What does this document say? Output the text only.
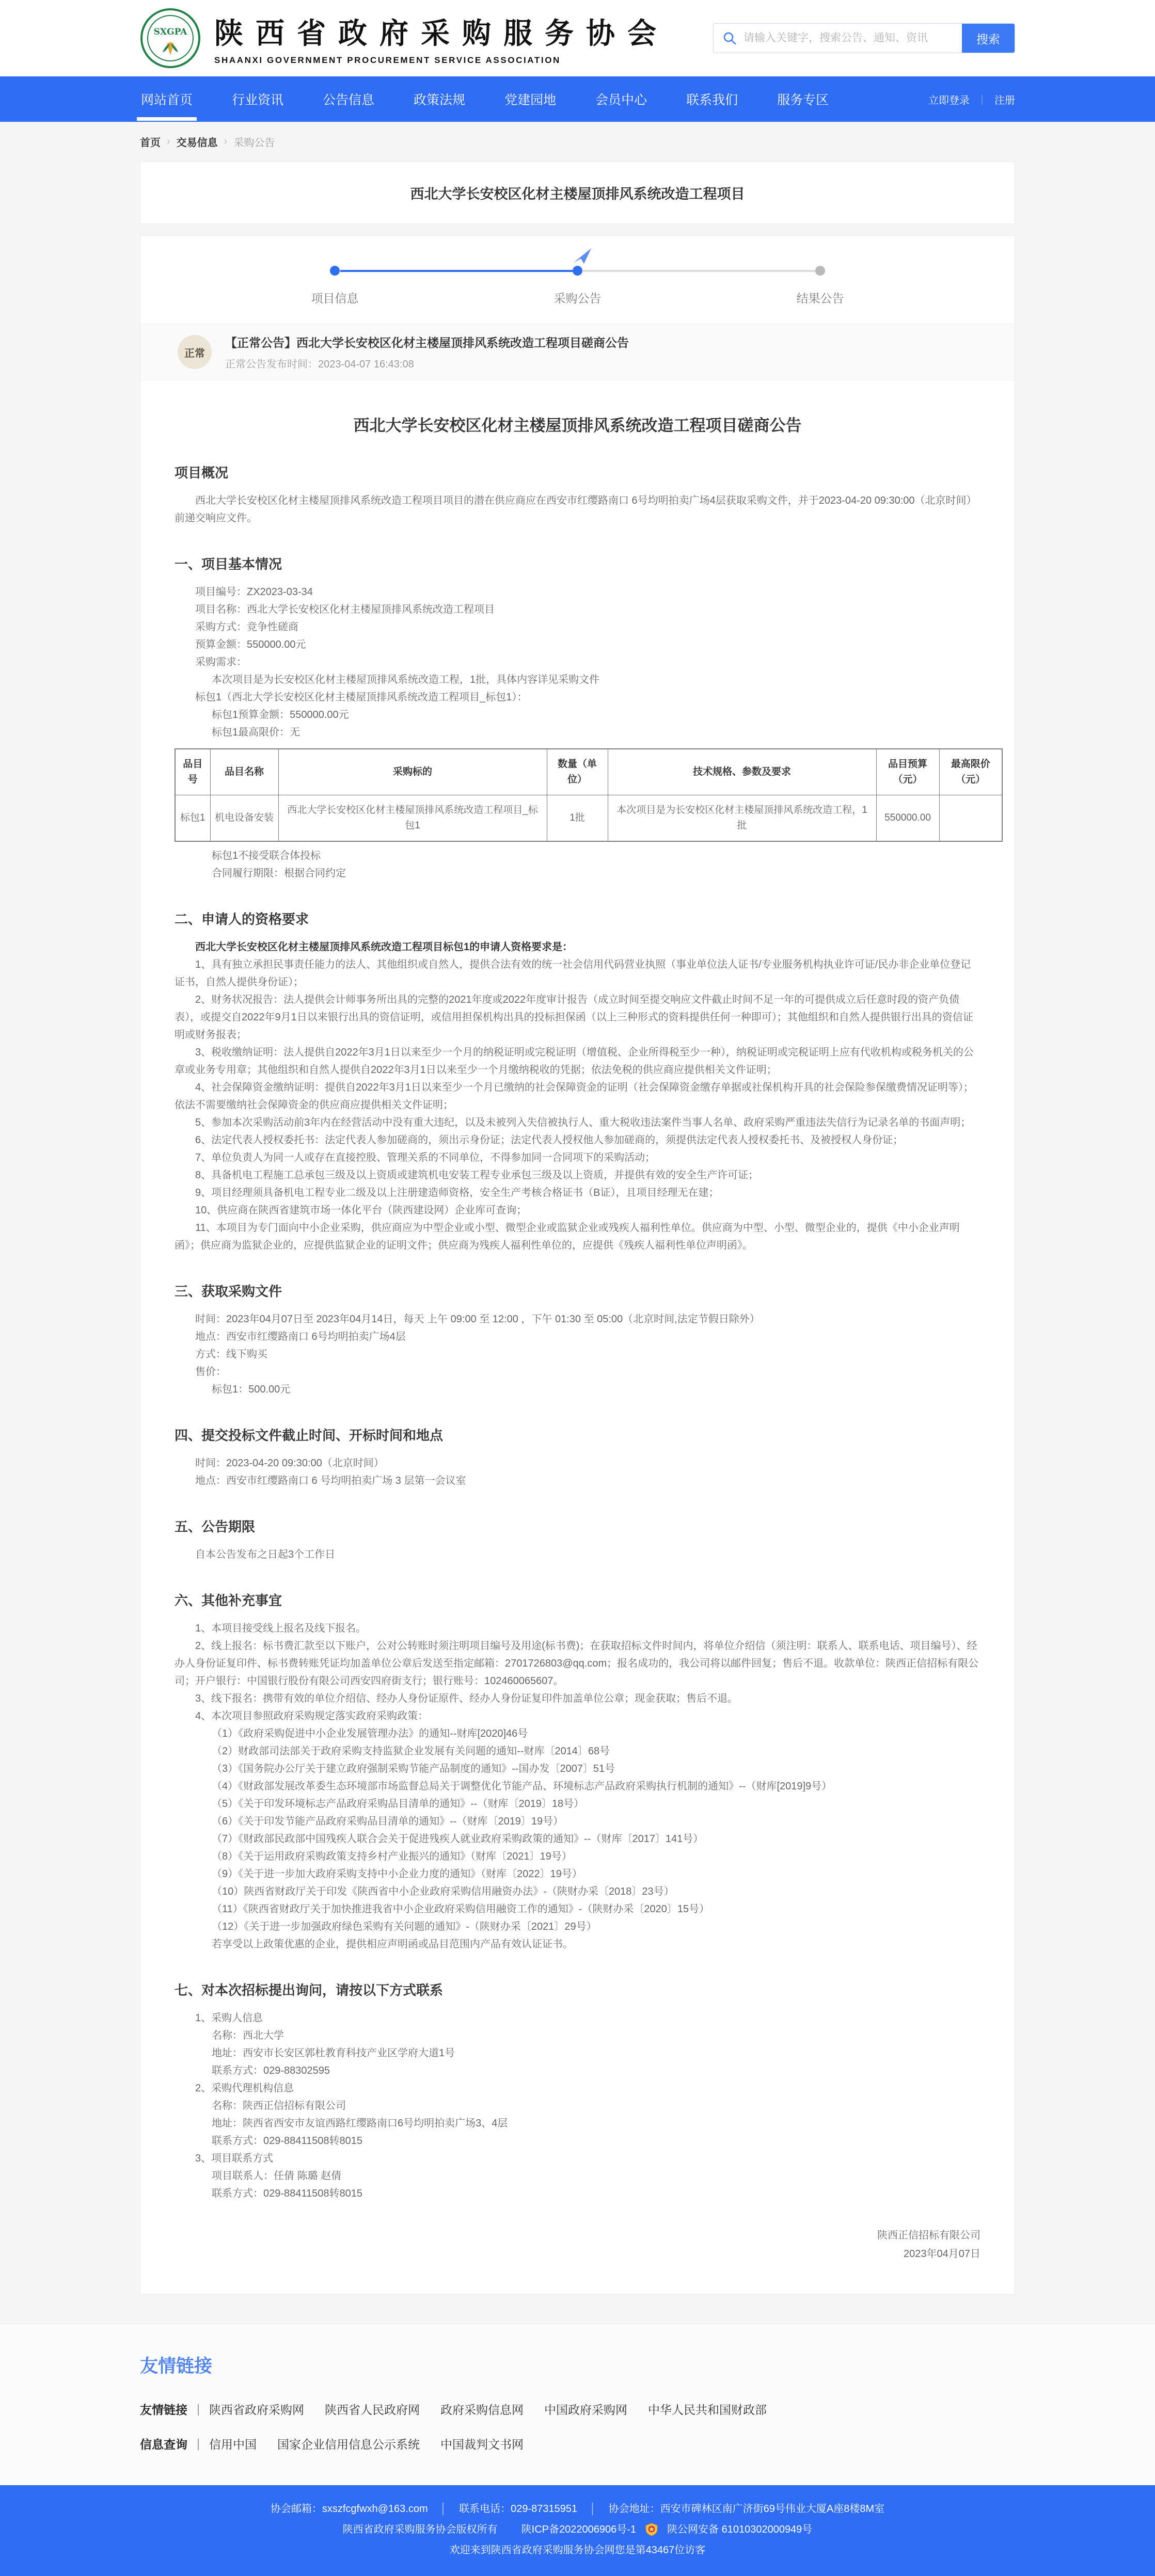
SXGPA 陕西省政府采购服务协会
SHAANXI GOVERNMENT PROCUREMENT SERVICE ASSOCIATION
请输入关键字，搜索公告、通知、资讯
搜索
网站首页	行业资讯	公告信息	政策法规	党建园地	会员中心	联系我们	服务专区	立即登录 ｜ 注册
首页 › 交易信息 › 采购公告
西北大学长安校区化材主楼屋顶排风系统改造工程项目
项目信息	采购公告	结果公告
正常
【正常公告】西北大学长安校区化材主楼屋顶排风系统改造工程项目磋商公告
正常公告发布时间：2023-04-07 16:43:08
西北大学长安校区化材主楼屋顶排风系统改造工程项目磋商公告
项目概况

西北大学长安校区化材主楼屋顶排风系统改造工程项目项目的潜在供应商应在西安市红缨路南口 6号均明拍卖广场4层获取采购文件，并于2023-04-20 09:30:00（北京时间） 前递交响应文件。

一、项目基本情况

项目编号：ZX2023-03-34

项目名称：西北大学长安校区化材主楼屋顶排风系统改造工程项目

采购方式：竞争性磋商

预算金额：550000.00元

采购需求：

本次项目是为长安校区化材主楼屋顶排风系统改造工程，1批，具体内容详见采购文件

标包1（西北大学长安校区化材主楼屋顶排风系统改造工程项目_标包1）：

标包1预算金额：550000.00元

标包1最高限价：无

品目号	品目名称	采购标的	数量（单位）	技术规格、参数及要求	品目预算（元）	最高限价（元）
标包1	机电设备安装	西北大学长安校区化材主楼屋顶排风系统改造工程项目_标包1	1批	本次项目是为长安校区化材主楼屋顶排风系统改造工程，1批	550000.00	

标包1不接受联合体投标

合同履行期限：根据合同约定

二、申请人的资格要求

西北大学长安校区化材主楼屋顶排风系统改造工程项目标包1的申请人资格要求是：

1、具有独立承担民事责任能力的法人、其他组织或自然人，提供合法有效的统一社会信用代码营业执照（事业单位法人证书/专业服务机构执业许可证/民办非企业单位登记证书，自然人提供身份证）；

2、财务状况报告：法人提供会计师事务所出具的完整的2021年度或2022年度审计报告（成立时间至提交响应文件截止时间不足一年的可提供成立后任意时段的资产负债表），或提交自2022年9月1日以来银行出具的资信证明，或信用担保机构出具的投标担保函（以上三种形式的资料提供任何一种即可）；其他组织和自然人提供银行出具的资信证明或财务报表；

3、税收缴纳证明：法人提供自2022年3月1日以来至少一个月的纳税证明或完税证明（增值税、企业所得税至少一种），纳税证明或完税证明上应有代收机构或税务机关的公章或业务专用章；其他组织和自然人提供自2022年3月1日以来至少一个月缴纳税收的凭据；依法免税的供应商应提供相关文件证明；

4、社会保障资金缴纳证明：提供自2022年3月1日以来至少一个月已缴纳的社会保障资金的证明（社会保障资金缴存单据或社保机构开具的社会保险参保缴费情况证明等）；依法不需要缴纳社会保障资金的供应商应提供相关文件证明；

5、参加本次采购活动前3年内在经营活动中没有重大违纪，以及未被列入失信被执行人、重大税收违法案件当事人名单、政府采购严重违法失信行为记录名单的书面声明；

6、法定代表人授权委托书：法定代表人参加磋商的，须出示身份证；法定代表人授权他人参加磋商的，须提供法定代表人授权委托书、及被授权人身份证；

7、单位负责人为同一人或存在直接控股、管理关系的不同单位，不得参加同一合同项下的采购活动；

8、具备机电工程施工总承包三级及以上资质或建筑机电安装工程专业承包三级及以上资质，并提供有效的安全生产许可证；

9、项目经理须具备机电工程专业二级及以上注册建造师资格，安全生产考核合格证书（B证），且项目经理无在建；

10、供应商在陕西省建筑市场一体化平台（陕西建设网）企业库可查询；

11、本项目为专门面向中小企业采购，供应商应为中型企业或小型、微型企业或监狱企业或残疾人福利性单位。供应商为中型、小型、微型企业的，提供《中小企业声明函》；供应商为监狱企业的，应提供监狱企业的证明文件；供应商为残疾人福利性单位的，应提供《残疾人福利性单位声明函》。

三、获取采购文件

时间：2023年04月07日至 2023年04月14日，每天 上午 09:00 至 12:00 ，下午 01:30 至 05:00（北京时间,法定节假日除外）

地点：西安市红缨路南口 6号均明拍卖广场4层

方式：线下购买

售价：

标包1：500.00元

四、提交投标文件截止时间、开标时间和地点

时间：2023-04-20 09:30:00（北京时间）

地点：西安市红缨路南口 6 号均明拍卖广场 3 层第一会议室

五、公告期限

自本公告发布之日起3个工作日

六、其他补充事宜

1、本项目接受线上报名及线下报名。

2、线上报名：标书费汇款至以下账户，公对公转账时须注明项目编号及用途(标书费)；在获取招标文件时间内，将单位介绍信（须注明：联系人、联系电话、项目编号）、经办人身份证复印件、标书费转账凭证均加盖单位公章后发送至指定邮箱：2701726803@qq.com；报名成功的，我公司将以邮件回复；售后不退。收款单位：陕西正信招标有限公司；开户银行：中国银行股份有限公司西安四府街支行；银行账号：102460065607。

3、线下报名：携带有效的单位介绍信、经办人身份证原件、经办人身份证复印件加盖单位公章；现金获取；售后不退。

4、本次项目参照政府采购规定落实政府采购政策：

（1）《政府采购促进中小企业发展管理办法》的通知--财库[2020]46号

（2）财政部司法部关于政府采购支持监狱企业发展有关问题的通知--财库〔2014〕68号

（3）《国务院办公厅关于建立政府强制采购节能产品制度的通知》--国办发〔2007〕51号

（4）《财政部发展改革委生态环境部市场监督总局关于调整优化节能产品、环境标志产品政府采购执行机制的通知》--（财库[2019]9号）

（5）《关于印发环境标志产品政府采购品目清单的通知》--（财库〔2019〕18号）

（6）《关于印发节能产品政府采购品目清单的通知》--（财库〔2019〕19号）

（7）《财政部民政部中国残疾人联合会关于促进残疾人就业政府采购政策的通知》--（财库〔2017〕141号）

（8）《关于运用政府采购政策支持乡村产业振兴的通知》（财库〔2021〕19号）

（9）《关于进一步加大政府采购支持中小企业力度的通知》（财库〔2022〕19号）

（10）陕西省财政厅关于印发《陕西省中小企业政府采购信用融资办法》-（陕财办采〔2018〕23号）

（11）《陕西省财政厅关于加快推进我省中小企业政府采购信用融资工作的通知》-（陕财办采〔2020〕15号）

（12）《关于进一步加强政府绿色采购有关问题的通知》-（陕财办采〔2021〕29号）

若享受以上政策优惠的企业，提供相应声明函或品目范围内产品有效认证证书。

七、对本次招标提出询问，请按以下方式联系

1、采购人信息

名称：西北大学

地址：西安市长安区郭杜教育科技产业区学府大道1号

联系方式：029-88302595

2、采购代理机构信息

名称：陕西正信招标有限公司

地址：陕西省西安市友谊西路红缨路南口6号均明拍卖广场3、4层

联系方式：029-88411508转8015

3、项目联系方式

项目联系人：任倩 陈璐 赵倩

联系方式：029-88411508转8015

陕西正信招标有限公司
2023年04月07日
友情链接
友情链接 | 陕西省政府采购网 陕西省人民政府网 政府采购信息网 中国政府采购网 中华人民共和国财政部
信息查询 | 信用中国 国家企业信用信息公示系统 中国裁判文书网
协会邮箱：sxszfcgfwxh@163.com │ 联系电话：029-87315951 │ 协会地址：西安市碑林区南广济街69号伟业大厦A座8楼8M室
陕西省政府采购服务协会版权所有 陕ICP备2022006906号-1	陕公网安备 61010302000949号
欢迎来到陕西省政府采购服务协会网您是第43467位访客
